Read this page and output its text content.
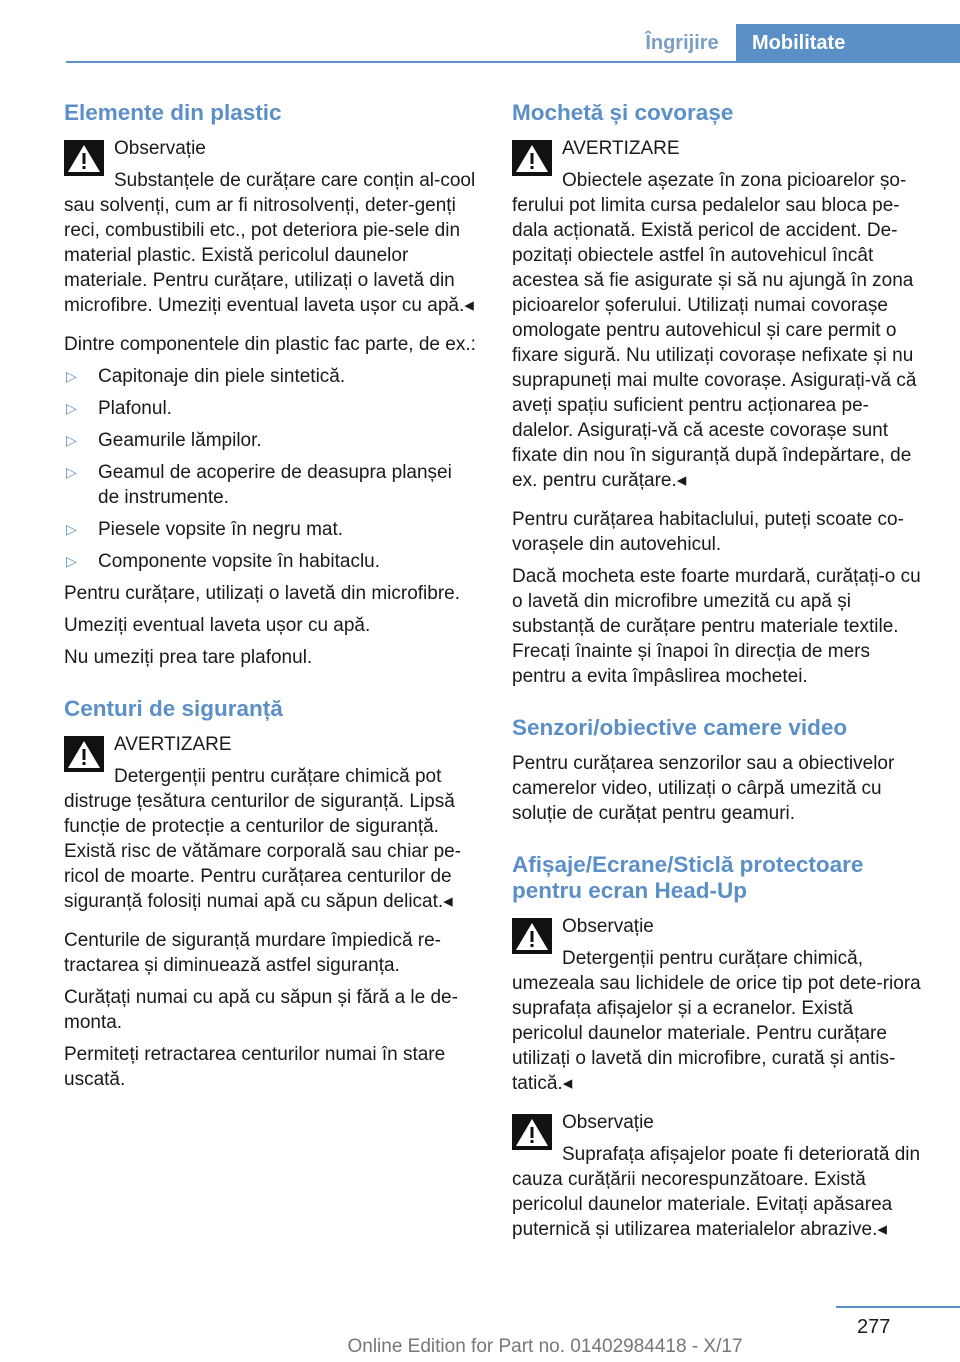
Îngrijire	Mobilitate
Elemente din plastic

Observație

Substanțele de curățare care conțin al-cool sau solvenți, cum ar fi nitrosolvenți, deter-genți reci, combustibili etc., pot deteriora pie-sele din material plastic. Există pericolul daunelor materiale. Pentru curățare, utilizați o lavetă din microfibre. Umeziți eventual laveta ușor cu apă.◂

Dintre componentele din plastic fac parte, de ex.:

▷ Capitonaje din piele sintetică.
▷ Plafonul.
▷ Geamurile lămpilor.
▷ Geamul de acoperire de deasupra planșei de instrumente.
▷ Piesele vopsite în negru mat.
▷ Componente vopsite în habitaclu.

Pentru curățare, utilizați o lavetă din microfibre.

Umeziți eventual laveta ușor cu apă.

Nu umeziți prea tare plafonul.

Centuri de siguranță

AVERTIZARE

Detergenții pentru curățare chimică pot distruge țesătura centurilor de siguranță. Lipsă funcție de protecție a centurilor de siguranță. Există risc de vătămare corporală sau chiar pe-ricol de moarte. Pentru curățarea centurilor de siguranță folosiți numai apă cu săpun delicat.◂

Centurile de siguranță murdare împiedică re-tractarea și diminuează astfel siguranța.

Curățați numai cu apă cu săpun și fără a le de-monta.

Permiteți retractarea centurilor numai în stare uscată.

Mochetă și covorașe

AVERTIZARE

Obiectele așezate în zona picioarelor șo-ferului pot limita cursa pedalelor sau bloca pe-dala acționată. Există pericol de accident. De-pozitați obiectele astfel în autovehicul încât acestea să fie asigurate și să nu ajungă în zona picioarelor șoferului. Utilizați numai covorașe omologate pentru autovehicul și care permit o fixare sigură. Nu utilizați covorașe nefixate și nu suprapuneți mai multe covorașe. Asigurați-vă că aveți spațiu suficient pentru acționarea pe-dalelor. Asigurați-vă că aceste covorașe sunt fixate din nou în siguranță după îndepărtare, de ex. pentru curățare.◂

Pentru curățarea habitaclului, puteți scoate co-vorașele din autovehicul.

Dacă mocheta este foarte murdară, curățați-o cu o lavetă din microfibre umezită cu apă și substanță de curățare pentru materiale textile. Frecați înainte și înapoi în direcția de mers pentru a evita împâslirea mochetei.

Senzori/obiective camere video

Pentru curățarea senzorilor sau a obiectivelor camerelor video, utilizați o cârpă umezită cu soluție de curățat pentru geamuri.

Afișaje/Ecrane/Sticlă protectoare pentru ecran Head-Up

Observație

Detergenții pentru curățare chimică, umezeala sau lichidele de orice tip pot dete-riora suprafața afișajelor și a ecranelor. Există pericolul daunelor materiale. Pentru curățare utilizați o lavetă din microfibre, curată și antis-tatică.◂

Observație

Suprafața afișajelor poate fi deteriorată din cauza curățării necorespunzătoare. Există pericolul daunelor materiale. Evitați apăsarea puternică și utilizarea materialelor abrazive.◂

277
Online Edition for Part no. 01402984418 - X/17
